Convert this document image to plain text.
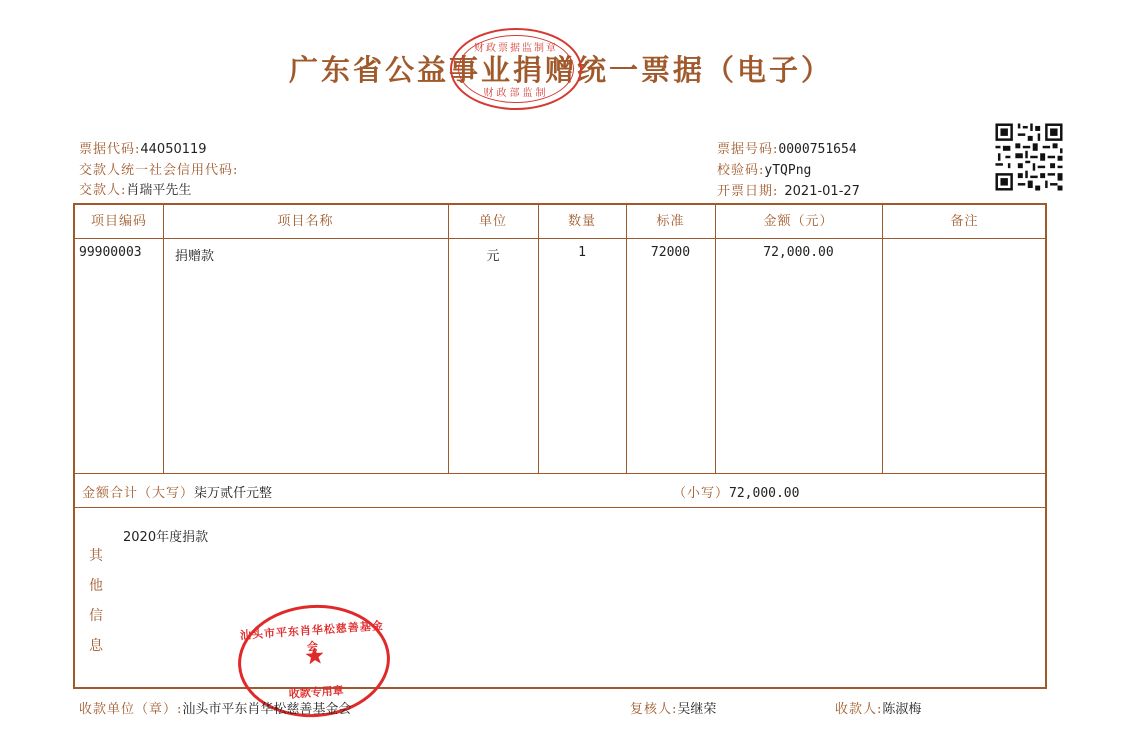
广东省公益事业捐赠统一票据（电子）
财政票据监制章
财政部监制
票据代码:44050119
交款人统一社会信用代码:
交款人:肖瑞平先生
票据号码:0000751654
校验码:yTQPng
开票日期: 2021-01-27
项目编码	项目名称	单位	数量	标准	金额（元）	备注
99900003	捐赠款	元	1	72000	72,000.00
金额合计（大写）柒万贰仟元整	（小写）72,000.00
其
他
信
息
2020年度捐款
汕头市平东肖华松慈善基金会
收款专用章
收款单位（章）:汕头市平东肖华松慈善基金会	复核人:吴继荣	收款人:陈淑梅
